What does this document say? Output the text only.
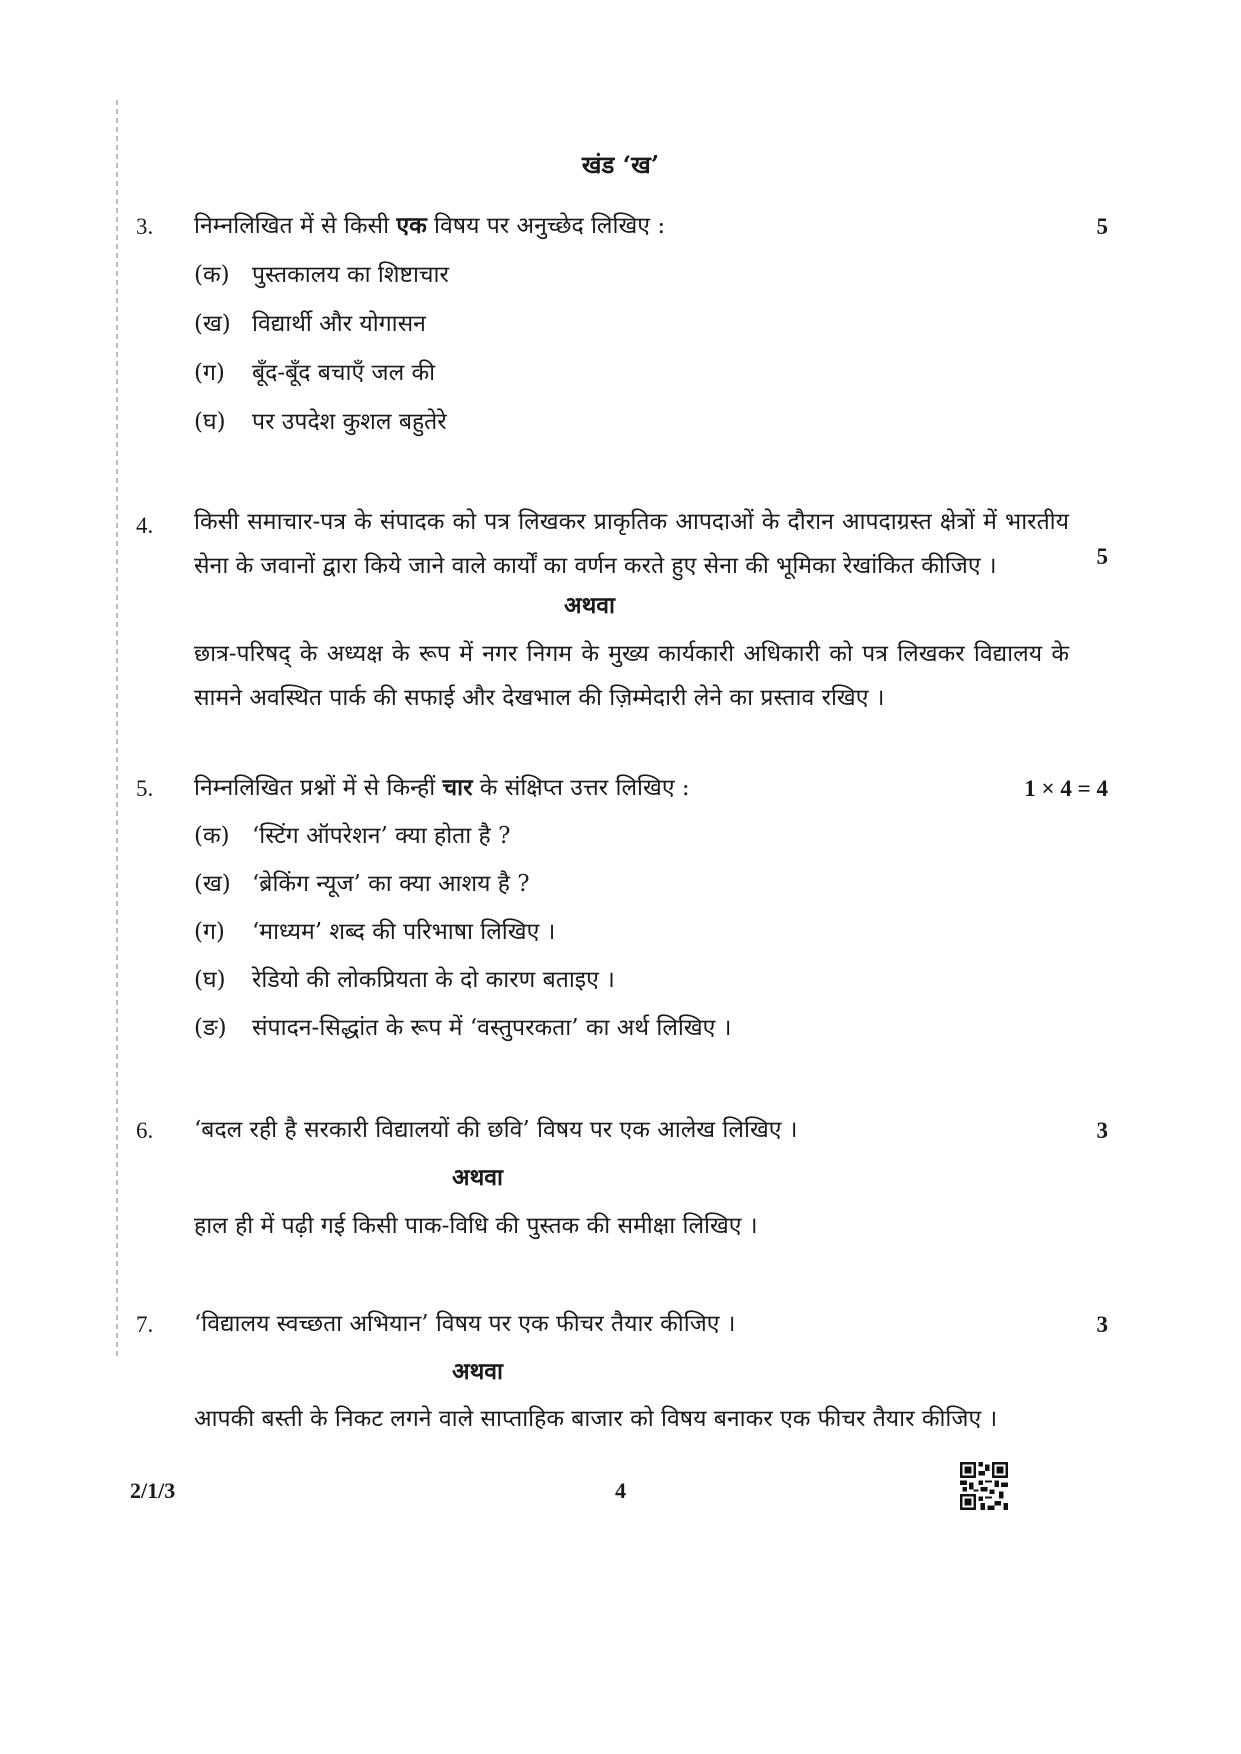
खंड ‘ख’
3. निम्नलिखित में से किसी एक विषय पर अनुच्छेद लिखिए :	5
(क) पुस्तकालय का शिष्टाचार
(ख) विद्यार्थी और योगासन
(ग) बूँद-बूँद बचाएँ जल की
(घ) पर उपदेश कुशल बहुतेरे
4. किसी समाचार-पत्र के संपादक को पत्र लिखकर प्राकृतिक आपदाओं के दौरान आपदाग्रस्त क्षेत्रों में भारतीय सेना के जवानों द्वारा किये जाने वाले कार्यों का वर्णन करते हुए सेना की भूमिका रेखांकित कीजिए ।	5
अथवा
छात्र-परिषद् के अध्यक्ष के रूप में नगर निगम के मुख्य कार्यकारी अधिकारी को पत्र लिखकर विद्यालय के सामने अवस्थित पार्क की सफाई और देखभाल की ज़िम्मेदारी लेने का प्रस्ताव रखिए ।
5. निम्नलिखित प्रश्नों में से किन्हीं चार के संक्षिप्त उत्तर लिखिए :	1 × 4 = 4
(क) ‘स्टिंग ऑपरेशन’ क्या होता है ?
(ख) ‘ब्रेकिंग न्यूज’ का क्या आशय है ?
(ग) ‘माध्यम’ शब्द की परिभाषा लिखिए ।
(घ) रेडियो की लोकप्रियता के दो कारण बताइए ।
(ङ) संपादन-सिद्धांत के रूप में ‘वस्तुपरकता’ का अर्थ लिखिए ।
6. ‘बदल रही है सरकारी विद्यालयों की छवि’ विषय पर एक आलेख लिखिए ।	3
अथवा
हाल ही में पढ़ी गई किसी पाक-विधि की पुस्तक की समीक्षा लिखिए ।
7. ‘विद्यालय स्वच्छता अभियान’ विषय पर एक फीचर तैयार कीजिए ।	3
अथवा
आपकी बस्ती के निकट लगने वाले साप्ताहिक बाजार को विषय बनाकर एक फीचर तैयार कीजिए ।
2/1/3	4
